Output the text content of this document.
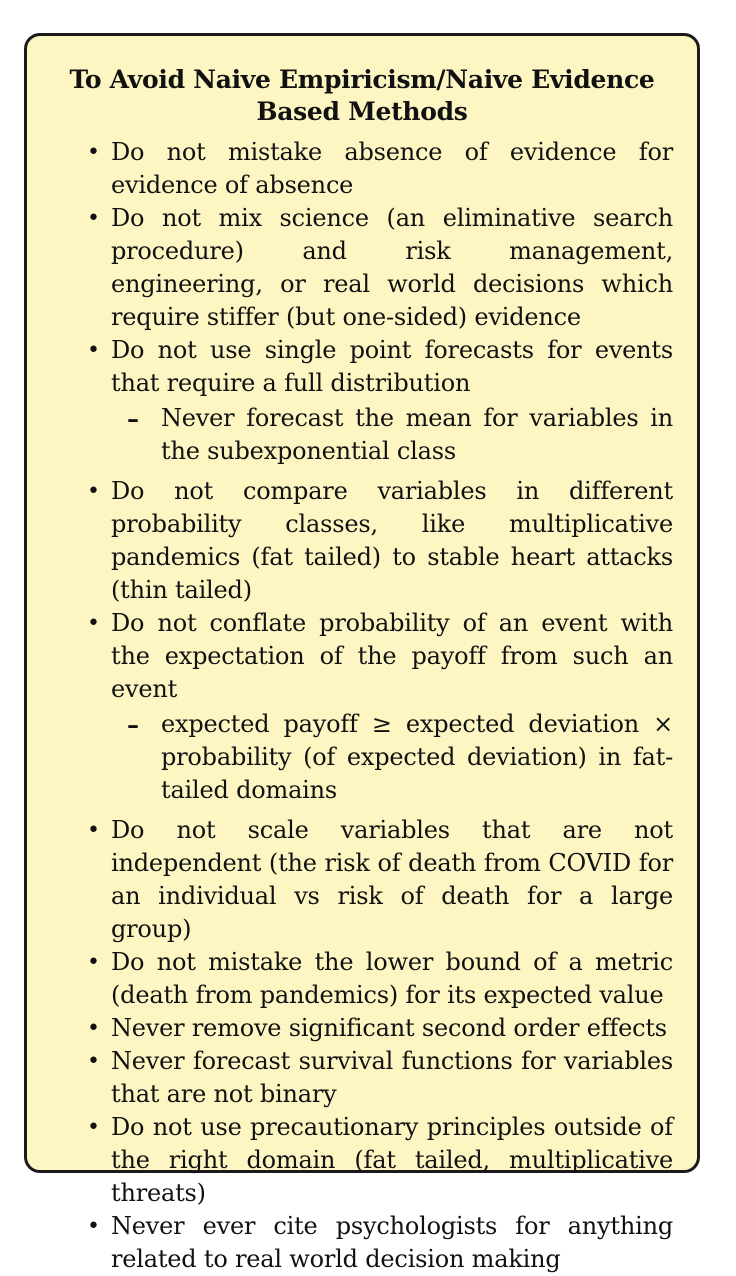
To Avoid Naive Empiricism/Naive Evidence Based Methods
• Do not mistake absence of evidence for evidence of absence
• Do not mix science (an eliminative search procedure) and risk management, engineering, or real world decisions which require stiffer (but one-sided) evidence
• Do not use single point forecasts for events that require a full distribution
– Never forecast the mean for variables in the subexponential class
• Do not compare variables in different probability classes, like multiplicative pandemics (fat tailed) to stable heart attacks (thin tailed)
• Do not conflate probability of an event with the expectation of the payoff from such an event
– expected payoff ≥ expected deviation × probability (of expected deviation) in fat-tailed domains
• Do not scale variables that are not independent (the risk of death from COVID for an individual vs risk of death for a large group)
• Do not mistake the lower bound of a metric (death from pandemics) for its expected value
• Never remove significant second order effects
• Never forecast survival functions for variables that are not binary
• Do not use precautionary principles outside of the right domain (fat tailed, multiplicative threats)
• Never ever cite psychologists for anything related to real world decision making
